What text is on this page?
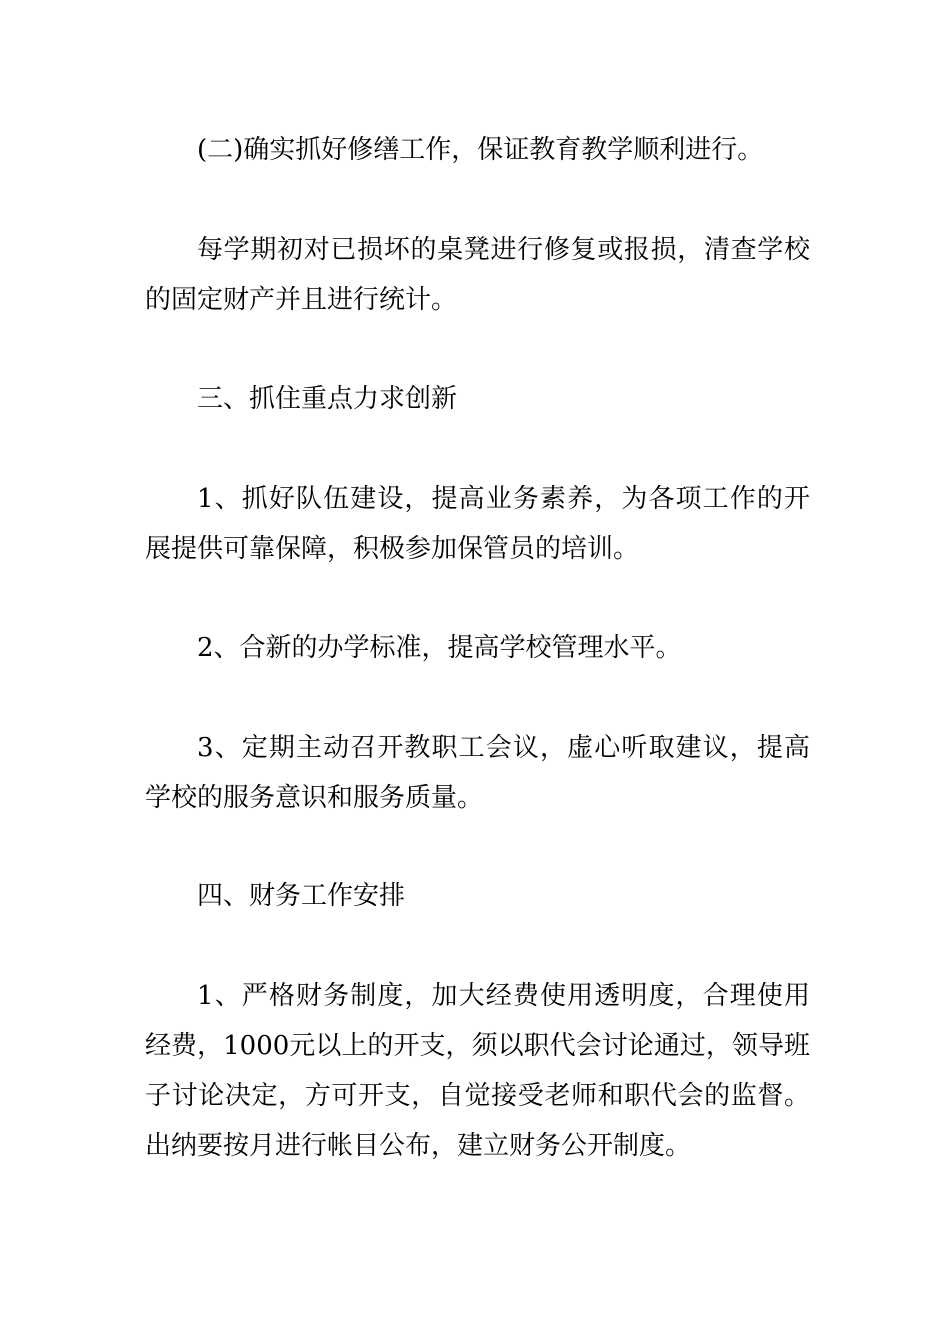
(二)确实抓好修缮工作，保证教育教学顺利进行。

每学期初对已损坏的桌凳进行修复或报损，清查学校的固定财产并且进行统计。

三、抓住重点力求创新

1、抓好队伍建设，提高业务素养，为各项工作的开展提供可靠保障，积极参加保管员的培训。

2、合新的办学标准，提高学校管理水平。

3、定期主动召开教职工会议，虚心听取建议，提高学校的服务意识和服务质量。

四、财务工作安排

1、严格财务制度，加大经费使用透明度，合理使用经费，1000元以上的开支，须以职代会讨论通过，领导班子讨论决定，方可开支，自觉接受老师和职代会的监督。出纳要按月进行帐目公布，建立财务公开制度。
